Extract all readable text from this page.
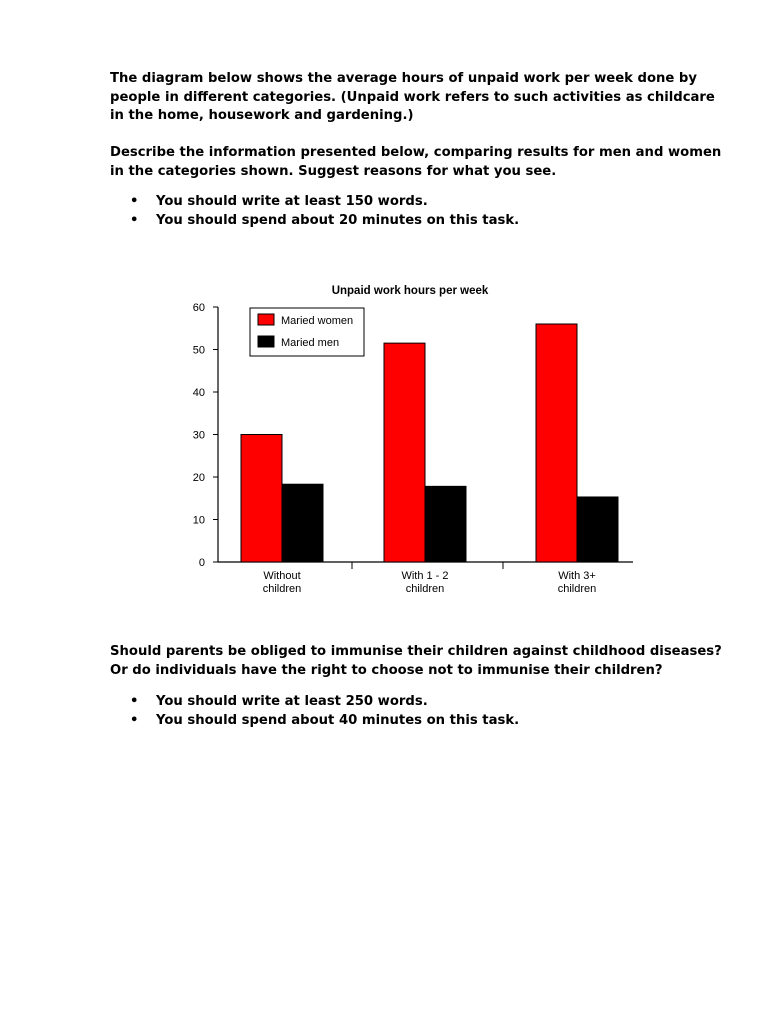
The diagram below shows the average hours of unpaid work per week done by
people in different categories. (Unpaid work refers to such activities as childcare
in the home, housework and gardening.)

Describe the information presented below, comparing results for men and women
in the categories shown. Suggest reasons for what you see.

• You should write at least 150 words.
• You should spend about 20 minutes on this task.
Unpaid work hours per week
0
10
20
30
40
50
60
Without
children
With 1 - 2
children
With 3+
children
Maried women
Maried men

Should parents be obliged to immunise their children against childhood diseases?
Or do individuals have the right to choose not to immunise their children?

• You should write at least 250 words.
• You should spend about 40 minutes on this task.
